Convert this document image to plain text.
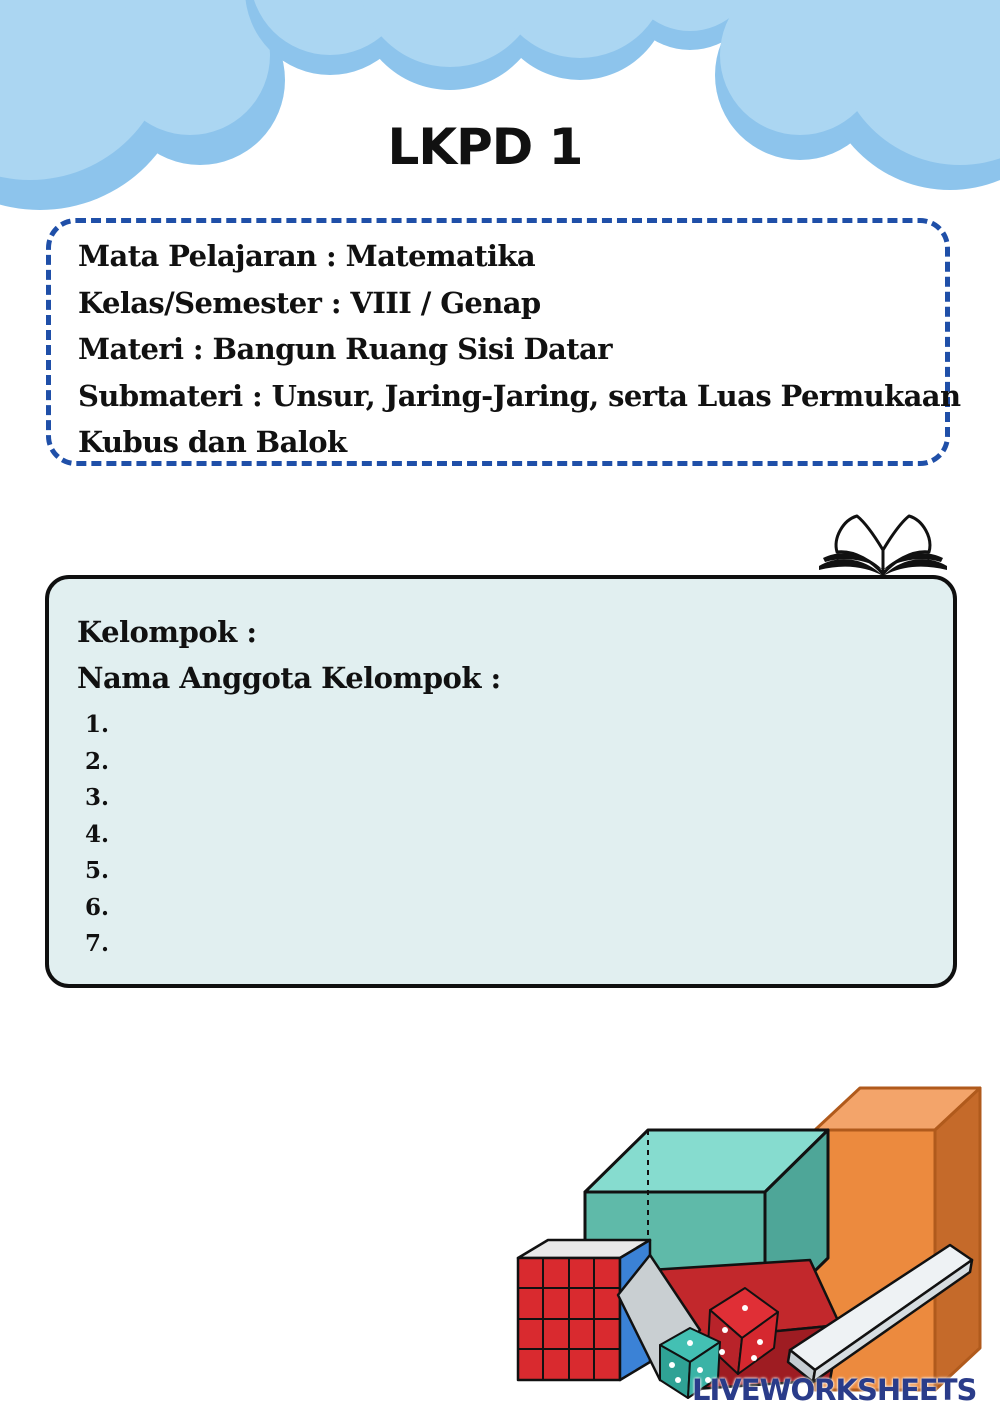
LKPD 1
Mata Pelajaran : Matematika
Kelas/Semester : VIII / Genap
Materi : Bangun Ruang Sisi Datar
Submateri : Unsur, Jaring-Jaring, serta Luas Permukaan
Kubus dan Balok
Kelompok :
Nama Anggota Kelompok :
1.
2.
3.
4.
5.
6.
7.
LIVEWORKSHEETS
